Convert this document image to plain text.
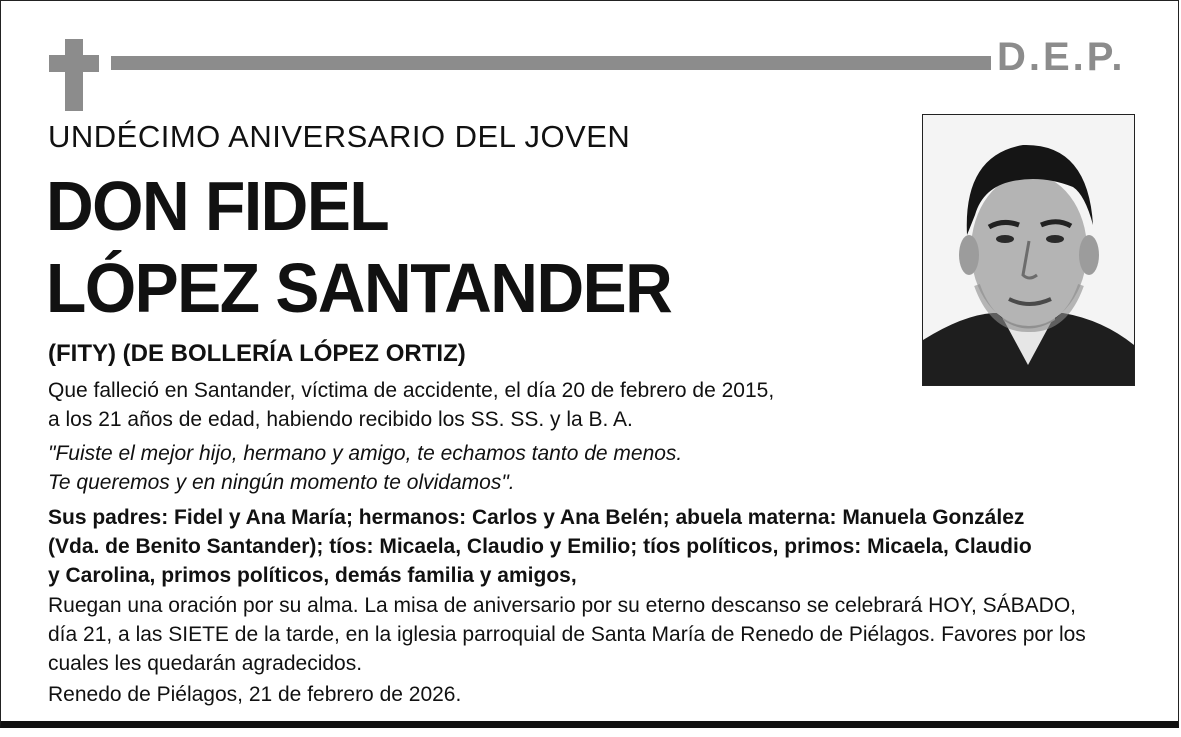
D.E.P.
UNDÉCIMO ANIVERSARIO DEL JOVEN
DON FIDEL
LÓPEZ SANTANDER
(FITY) (DE BOLLERÍA LÓPEZ ORTIZ)
Que falleció en Santander, víctima de accidente, el día 20 de febrero de 2015,
a los 21 años de edad, habiendo recibido los SS. SS. y la B. A.
"Fuiste el mejor hijo, hermano y amigo, te echamos tanto de menos.
Te queremos y en ningún momento te olvidamos".
Sus padres: Fidel y Ana María; hermanos: Carlos y Ana Belén; abuela materna: Manuela González
(Vda. de Benito Santander); tíos: Micaela, Claudio y Emilio; tíos políticos, primos: Micaela, Claudio
y Carolina, primos políticos, demás familia y amigos,
Ruegan una oración por su alma. La misa de aniversario por su eterno descanso se celebrará HOY, SÁBADO,
día 21, a las SIETE de la tarde, en la iglesia parroquial de Santa María de Renedo de Piélagos. Favores por los
cuales les quedarán agradecidos.
Renedo de Piélagos, 21 de febrero de 2026.
